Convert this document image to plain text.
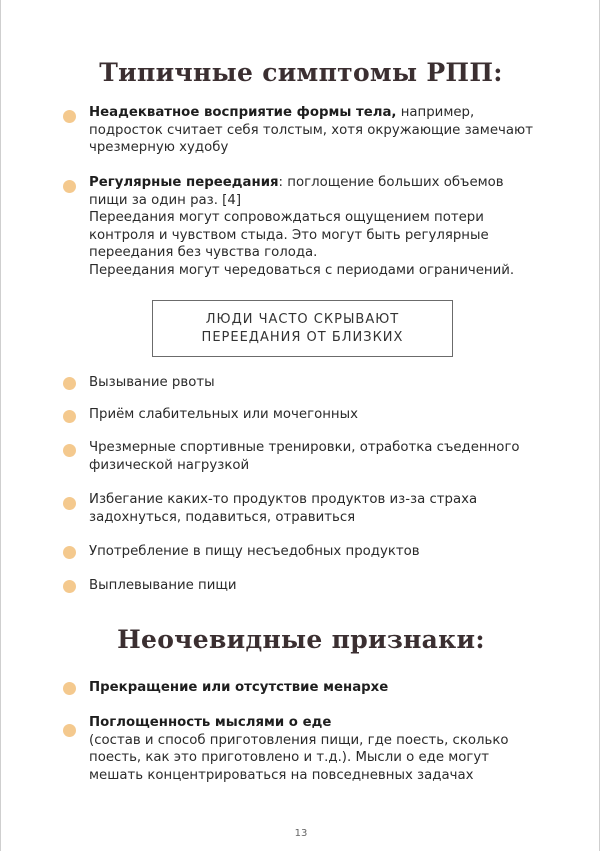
Типичные симптомы РПП:
Неадекватное восприятие формы тела, например, подросток считает себя толстым, хотя окружающие замечают чрезмерную худобу
Регулярные переедания: поглощение больших объемов пищи за один раз. [4]
Переедания могут сопровождаться ощущением потери контроля и чувством стыда. Это могут быть регулярные переедания без чувства голода.
Переедания могут чередоваться с периодами ограничений.
ЛЮДИ ЧАСТО СКРЫВАЮТ
ПЕРЕЕДАНИЯ ОТ БЛИЗКИХ
Вызывание рвоты
Приём слабительных или мочегонных
Чрезмерные спортивные тренировки, отработка съеденного физической нагрузкой
Избегание каких-то продуктов продуктов из-за страха задохнуться, подавиться, отравиться
Употребление в пищу несъедобных продуктов
Выплевывание пищи
Неочевидные признаки:
Прекращение или отсутствие менархе
Поглощенность мыслями о еде
(состав и способ приготовления пищи, где поесть, сколько поесть, как это приготовлено и т.д.). Мысли о еде могут мешать концентрироваться на повседневных задачах
13
